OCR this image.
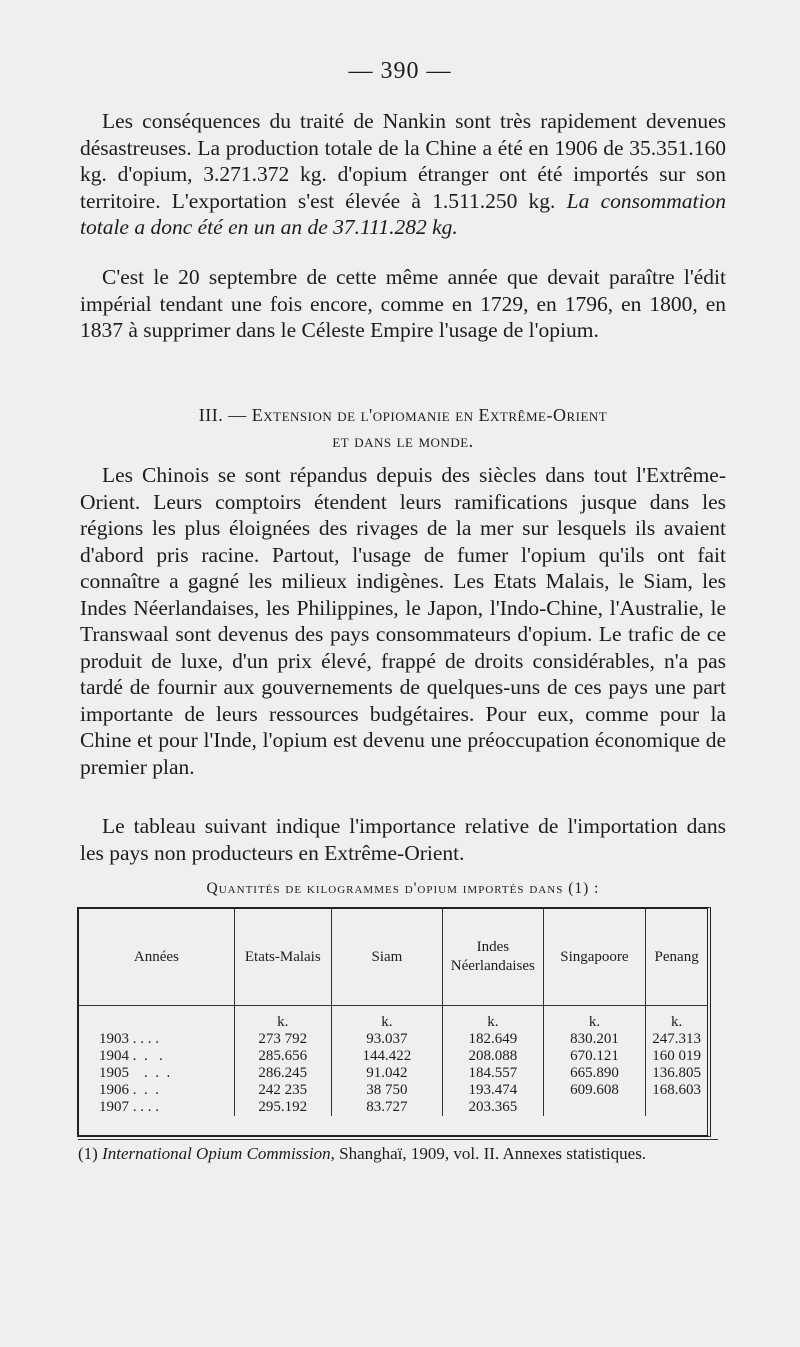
— 390 —

Les conséquences du traité de Nankin sont très rapidement devenues désastreuses. La production totale de la Chine a été en 1906 de 35.351.160 kg. d'opium, 3.271.372 kg. d'opium étranger ont été importés sur son territoire. L'exportation s'est élevée à 1.511.250 kg. La consommation totale a donc été en un an de 37.111.282 kg.

C'est le 20 septembre de cette même année que devait paraître l'édit impérial tendant une fois encore, comme en 1729, en 1796, en 1800, en 1837 à supprimer dans le Céleste Empire l'usage de l'opium.

III. — Extension de l'opiomanie en Extrême-Orient
et dans le monde.

Les Chinois se sont répandus depuis des siècles dans tout l'Extrême-Orient. Leurs comptoirs étendent leurs ramifications jusque dans les régions les plus éloignées des rivages de la mer sur lesquels ils avaient d'abord pris racine. Partout, l'usage de fumer l'opium qu'ils ont fait connaître a gagné les milieux indigènes. Les Etats Malais, le Siam, les Indes Néerlandaises, les Philippines, le Japon, l'Indo-Chine, l'Australie, le Transwaal sont devenus des pays consommateurs d'opium. Le trafic de ce produit de luxe, d'un prix élevé, frappé de droits considérables, n'a pas tardé de fournir aux gouvernements de quelques-uns de ces pays une part importante de leurs ressources budgétaires. Pour eux, comme pour la Chine et pour l'Inde, l'opium est devenu une préoccupation économique de premier plan.

Le tableau suivant indique l'importance relative de l'importation dans les pays non producteurs en Extrême-Orient.

Quantités de kilogrammes d'opium importés dans (1) :
Années	Etats-Malais	Siam	Indes Néerlandaises	Singapoore	Penang
	k.	k.	k.	k.	k.
1903 . . . .	273 792	93.037	182.649	830.201	247.313
1904 .  .   .	285.656	144.422	208.088	670.121	160 019
1905    .  .  .	286.245	91.042	184.557	665.890	136.805
1906 .  .  .	242 235	38 750	193.474	609.608	168.603
1907 . . . .	295.192	83.727	203.365		
(1) International Opium Commission, Shanghaï, 1909, vol. II. Annexes statistiques.
